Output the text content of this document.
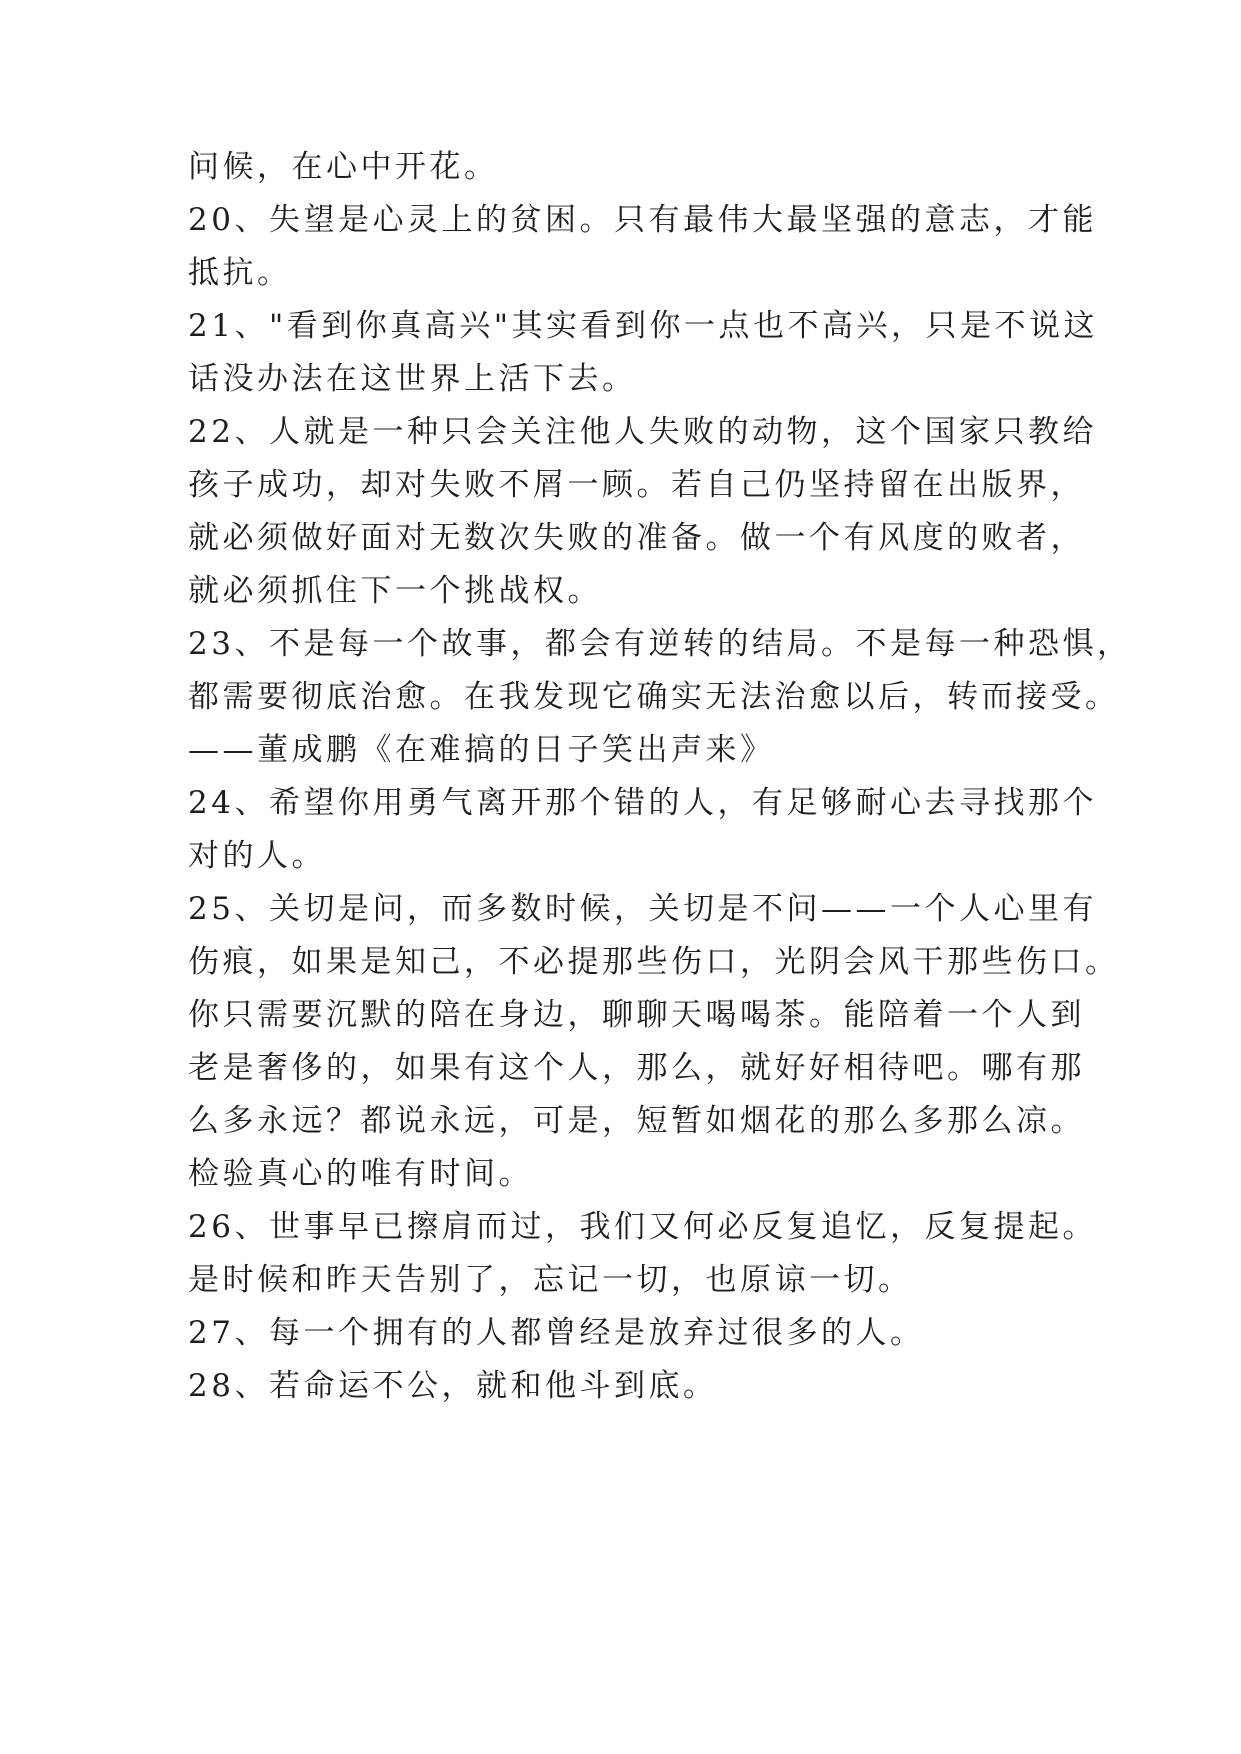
问候，在心中开花。
20、失望是心灵上的贫困。只有最伟大最坚强的意志，才能
抵抗。
21、"看到你真高兴"其实看到你一点也不高兴，只是不说这
话没办法在这世界上活下去。
22、人就是一种只会关注他人失败的动物，这个国家只教给
孩子成功，却对失败不屑一顾。若自己仍坚持留在出版界，
就必须做好面对无数次失败的准备。做一个有风度的败者，
就必须抓住下一个挑战权。
23、不是每一个故事，都会有逆转的结局。不是每一种恐惧，
都需要彻底治愈。在我发现它确实无法治愈以后，转而接受。
——董成鹏《在难搞的日子笑出声来》
24、希望你用勇气离开那个错的人，有足够耐心去寻找那个
对的人。
25、关切是问，而多数时候，关切是不问——一个人心里有
伤痕，如果是知己，不必提那些伤口，光阴会风干那些伤口。
你只需要沉默的陪在身边，聊聊天喝喝茶。能陪着一个人到
老是奢侈的，如果有这个人，那么，就好好相待吧。哪有那
么多永远？都说永远，可是，短暂如烟花的那么多那么凉。
检验真心的唯有时间。
26、世事早已擦肩而过，我们又何必反复追忆，反复提起。
是时候和昨天告别了，忘记一切，也原谅一切。
27、每一个拥有的人都曾经是放弃过很多的人。
28、若命运不公，就和他斗到底。
